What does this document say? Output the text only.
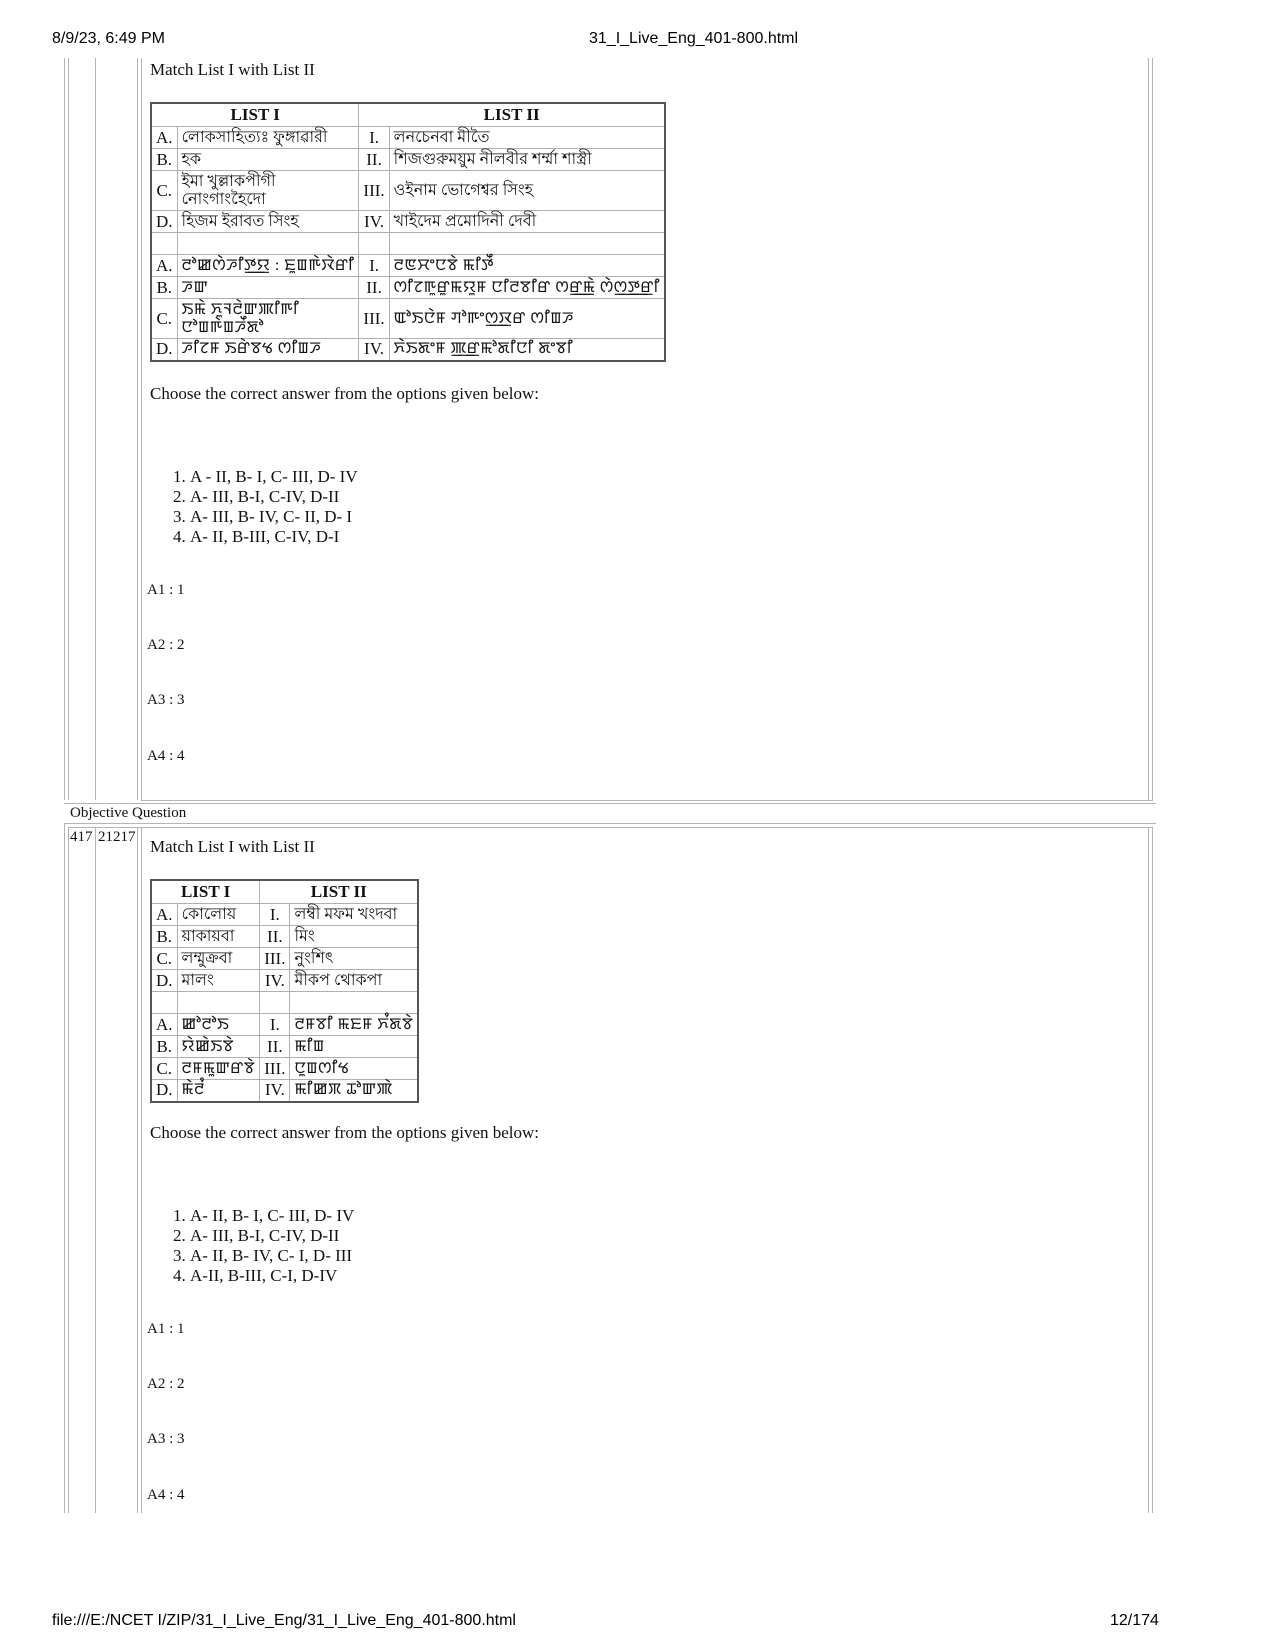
8/9/23, 6:49 PM	31_I_Live_Eng_401-800.html
Match List I with List II
LIST I		LIST II	
A.	লোকসাহিত্যঃ ফুঙ্গাৱারী	I.	লনচেনবা মীতৈ
B.	হক	II.	শিজগুরুময়ুম নীলবীর শর্ম্মা শাস্ত্রী
C.	ইমা খুল্লাকপীগী নোংগাংহৈদো	III.	ওইনাম ভোগেশ্বর সিংহ
D.	হিজম ইরাবত সিংহ	IV.	খাইদেম প্রমোদিনী দেবী

A.	ꯂꯣꯀꯁꯥꯍꯤꯇ꯭ꯌ : ꯐꯨꯡꯒꯥꯋꯥꯔꯤ	I.	ꯂꯟꯆꯦꯅꯕꯥ ꯃꯤꯇꯩ
B.	ꯍꯛ	II.	ꯁꯤꯖꯒꯨꯔꯨꯃꯌꯨꯝ ꯅꯤꯂꯕꯤꯔ ꯁꯔ꯭ꯃꯥ ꯁꯥꯁ꯭ꯇ꯭ꯔꯤ
C.	ꯏꯃꯥ ꯈꯨꯜꯂꯥꯛꯄꯤꯒꯤ ꯅꯣꯡꯒꯥꯡꯍꯩꯗꯣ	III.	ꯑꯣꯏꯅꯥꯝ ꯚꯣꯒꯦꯁ꯭ꯋꯔ ꯁꯤꯡꯍ
D.	ꯍꯤꯖꯝ ꯏꯔꯥꯕꯠ ꯁꯤꯡꯍ	IV.	ꯈꯥꯏꯗꯦꯝ ꯄ꯭ꯔꯃꯣꯗꯤꯅꯤ ꯗꯦꯕꯤ
Choose the correct answer from the options given below:
1. A - II, B- I, C- III, D- IV
2. A- III, B-I, C-IV, D-II
3. A- III, B- IV, C- II, D- I
4. A- II, B-III, C-IV, D-I
A1 : 1
A2 : 2
A3 : 3
A4 : 4
Objective Question
417 21217 Match List I with List II
LIST I		LIST II	
A.	কোলোয়	I.	লম্বী মফম খংদবা
B.	য়াকায়বা	II.	মিং
C.	লম্মুক্রবা	III.	নুংশিৎ
D.	মালং	IV.	মীকপ থোকপা

A.	ꯀꯣꯂꯣꯏ	I.	ꯂꯝꯕꯤ ꯃꯐꯝ ꯈꯪꯗꯕꯥ
B.	ꯌꯥꯀꯥꯏꯕꯥ	II.	ꯃꯤꯡ
C.	ꯂꯝꯃꯨꯛꯔꯕꯥ	III.	ꯅꯨꯡꯁꯤꯠ
D.	ꯃꯥꯂꯪ	IV.	ꯃꯤꯀꯞ ꯊꯣꯛꯄꯥ
Choose the correct answer from the options given below:
1. A- II, B- I, C- III, D- IV
2. A- III, B-I, C-IV, D-II
3. A- II, B- IV, C- I, D- III
4. A-II, B-III, C-I, D-IV
A1 : 1
A2 : 2
A3 : 3
A4 : 4
file:///E:/NCET I/ZIP/31_I_Live_Eng/31_I_Live_Eng_401-800.html	12/174
